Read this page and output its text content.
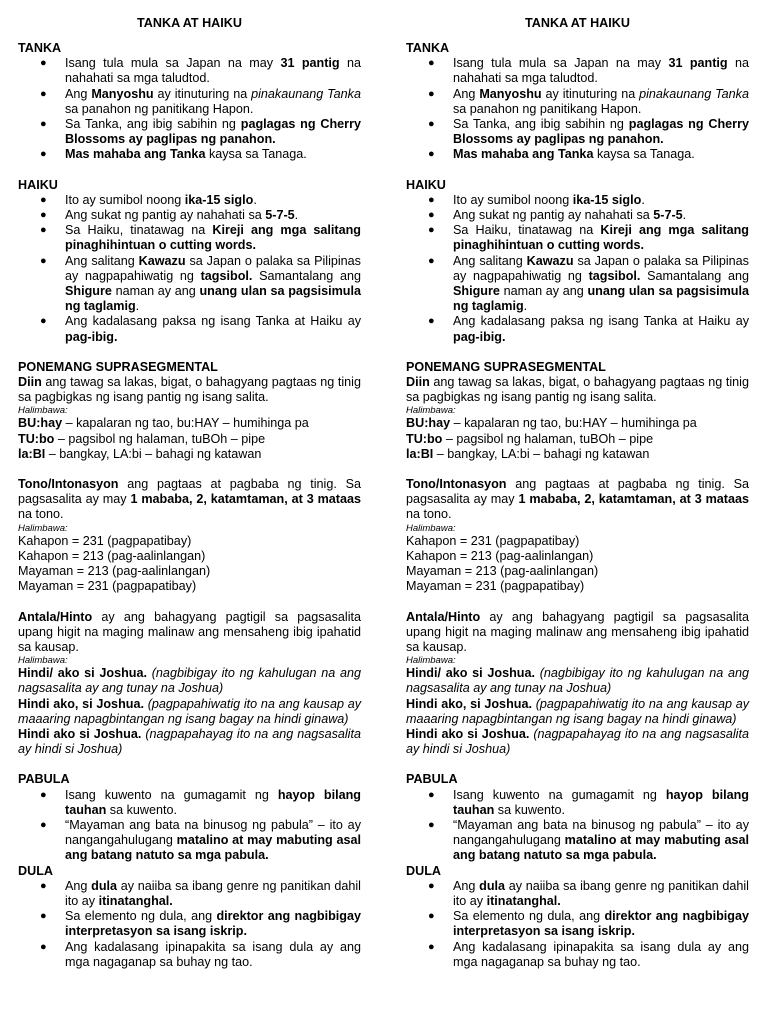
TANKA AT HAIKU
TANKA
● Isang tula mula sa Japan na may 31 pantig na nahahati sa mga taludtod.
● Ang Manyoshu ay itinuturing na pinakaunang Tanka sa panahon ng panitikang Hapon.
● Sa Tanka, ang ibig sabihin ng paglagas ng Cherry Blossoms ay paglipas ng panahon.
● Mas mahaba ang Tanka kaysa sa Tanaga.
HAIKU
● Ito ay sumibol noong ika-15 siglo.
● Ang sukat ng pantig ay nahahati sa 5-7-5.
● Sa Haiku, tinatawag na Kireji ang mga salitang pinaghihintuan o cutting words.
● Ang salitang Kawazu sa Japan o palaka sa Pilipinas ay nagpapahiwatig ng tagsibol. Samantalang ang Shigure naman ay ang unang ulan sa pagsisimula ng taglamig.
● Ang kadalasang paksa ng isang Tanka at Haiku ay pag-ibig.
PONEMANG SUPRASEGMENTAL

Diin ang tawag sa lakas, bigat, o bahagyang pagtaas ng tinig sa pagbigkas ng isang pantig ng isang salita.

Halimbawa:

BU:hay – kapalaran ng tao, bu:HAY – humihinga pa

TU:bo – pagsibol ng halaman, tuBOh – pipe

la:BI – bangkay, LA:bi – bahagi ng katawan

Tono/Intonasyon ang pagtaas at pagbaba ng tinig. Sa pagsasalita ay may 1 mababa, 2, katamtaman, at 3 mataas na tono.

Halimbawa:

Kahapon = 231 (pagpapatibay)

Kahapon = 213 (pag-aalinlangan)

Mayaman = 213 (pag-aalinlangan)

Mayaman = 231 (pagpapatibay)

Antala/Hinto ay ang bahagyang pagtigil sa pagsasalita upang higit na maging malinaw ang mensaheng ibig ipahatid sa kausap.

Halimbawa:

Hindi/ ako si Joshua. (nagbibigay ito ng kahulugan na ang nagsasalita ay ang tunay na Joshua)

Hindi ako, si Joshua. (pagpapahiwatig ito na ang kausap ay maaaring napagbintangan ng isang bagay na hindi ginawa)

Hindi ako si Joshua. (nagpapahayag ito na ang nagsasalita ay hindi si Joshua)

PABULA
● Isang kuwento na gumagamit ng hayop bilang tauhan sa kuwento.
● “Mayaman ang bata na binusog ng pabula” – ito ay nangangahulugang matalino at may mabuting asal ang batang natuto sa mga pabula.
DULA
● Ang dula ay naiiba sa ibang genre ng panitikan dahil ito ay itinatanghal.
● Sa elemento ng dula, ang direktor ang nagbibigay interpretasyon sa isang iskrip.
● Ang kadalasang ipinapakita sa isang dula ay ang mga nagaganap sa buhay ng tao.
TANKA AT HAIKU
TANKA
● Isang tula mula sa Japan na may 31 pantig na nahahati sa mga taludtod.
● Ang Manyoshu ay itinuturing na pinakaunang Tanka sa panahon ng panitikang Hapon.
● Sa Tanka, ang ibig sabihin ng paglagas ng Cherry Blossoms ay paglipas ng panahon.
● Mas mahaba ang Tanka kaysa sa Tanaga.
HAIKU
● Ito ay sumibol noong ika-15 siglo.
● Ang sukat ng pantig ay nahahati sa 5-7-5.
● Sa Haiku, tinatawag na Kireji ang mga salitang pinaghihintuan o cutting words.
● Ang salitang Kawazu sa Japan o palaka sa Pilipinas ay nagpapahiwatig ng tagsibol. Samantalang ang Shigure naman ay ang unang ulan sa pagsisimula ng taglamig.
● Ang kadalasang paksa ng isang Tanka at Haiku ay pag-ibig.
PONEMANG SUPRASEGMENTAL

Diin ang tawag sa lakas, bigat, o bahagyang pagtaas ng tinig sa pagbigkas ng isang pantig ng isang salita.

Halimbawa:

BU:hay – kapalaran ng tao, bu:HAY – humihinga pa

TU:bo – pagsibol ng halaman, tuBOh – pipe

la:BI – bangkay, LA:bi – bahagi ng katawan

Tono/Intonasyon ang pagtaas at pagbaba ng tinig. Sa pagsasalita ay may 1 mababa, 2, katamtaman, at 3 mataas na tono.

Halimbawa:

Kahapon = 231 (pagpapatibay)

Kahapon = 213 (pag-aalinlangan)

Mayaman = 213 (pag-aalinlangan)

Mayaman = 231 (pagpapatibay)

Antala/Hinto ay ang bahagyang pagtigil sa pagsasalita upang higit na maging malinaw ang mensaheng ibig ipahatid sa kausap.

Halimbawa:

Hindi/ ako si Joshua. (nagbibigay ito ng kahulugan na ang nagsasalita ay ang tunay na Joshua)

Hindi ako, si Joshua. (pagpapahiwatig ito na ang kausap ay maaaring napagbintangan ng isang bagay na hindi ginawa)

Hindi ako si Joshua. (nagpapahayag ito na ang nagsasalita ay hindi si Joshua)

PABULA
● Isang kuwento na gumagamit ng hayop bilang tauhan sa kuwento.
● “Mayaman ang bata na binusog ng pabula” – ito ay nangangahulugang matalino at may mabuting asal ang batang natuto sa mga pabula.
DULA
● Ang dula ay naiiba sa ibang genre ng panitikan dahil ito ay itinatanghal.
● Sa elemento ng dula, ang direktor ang nagbibigay interpretasyon sa isang iskrip.
● Ang kadalasang ipinapakita sa isang dula ay ang mga nagaganap sa buhay ng tao.
